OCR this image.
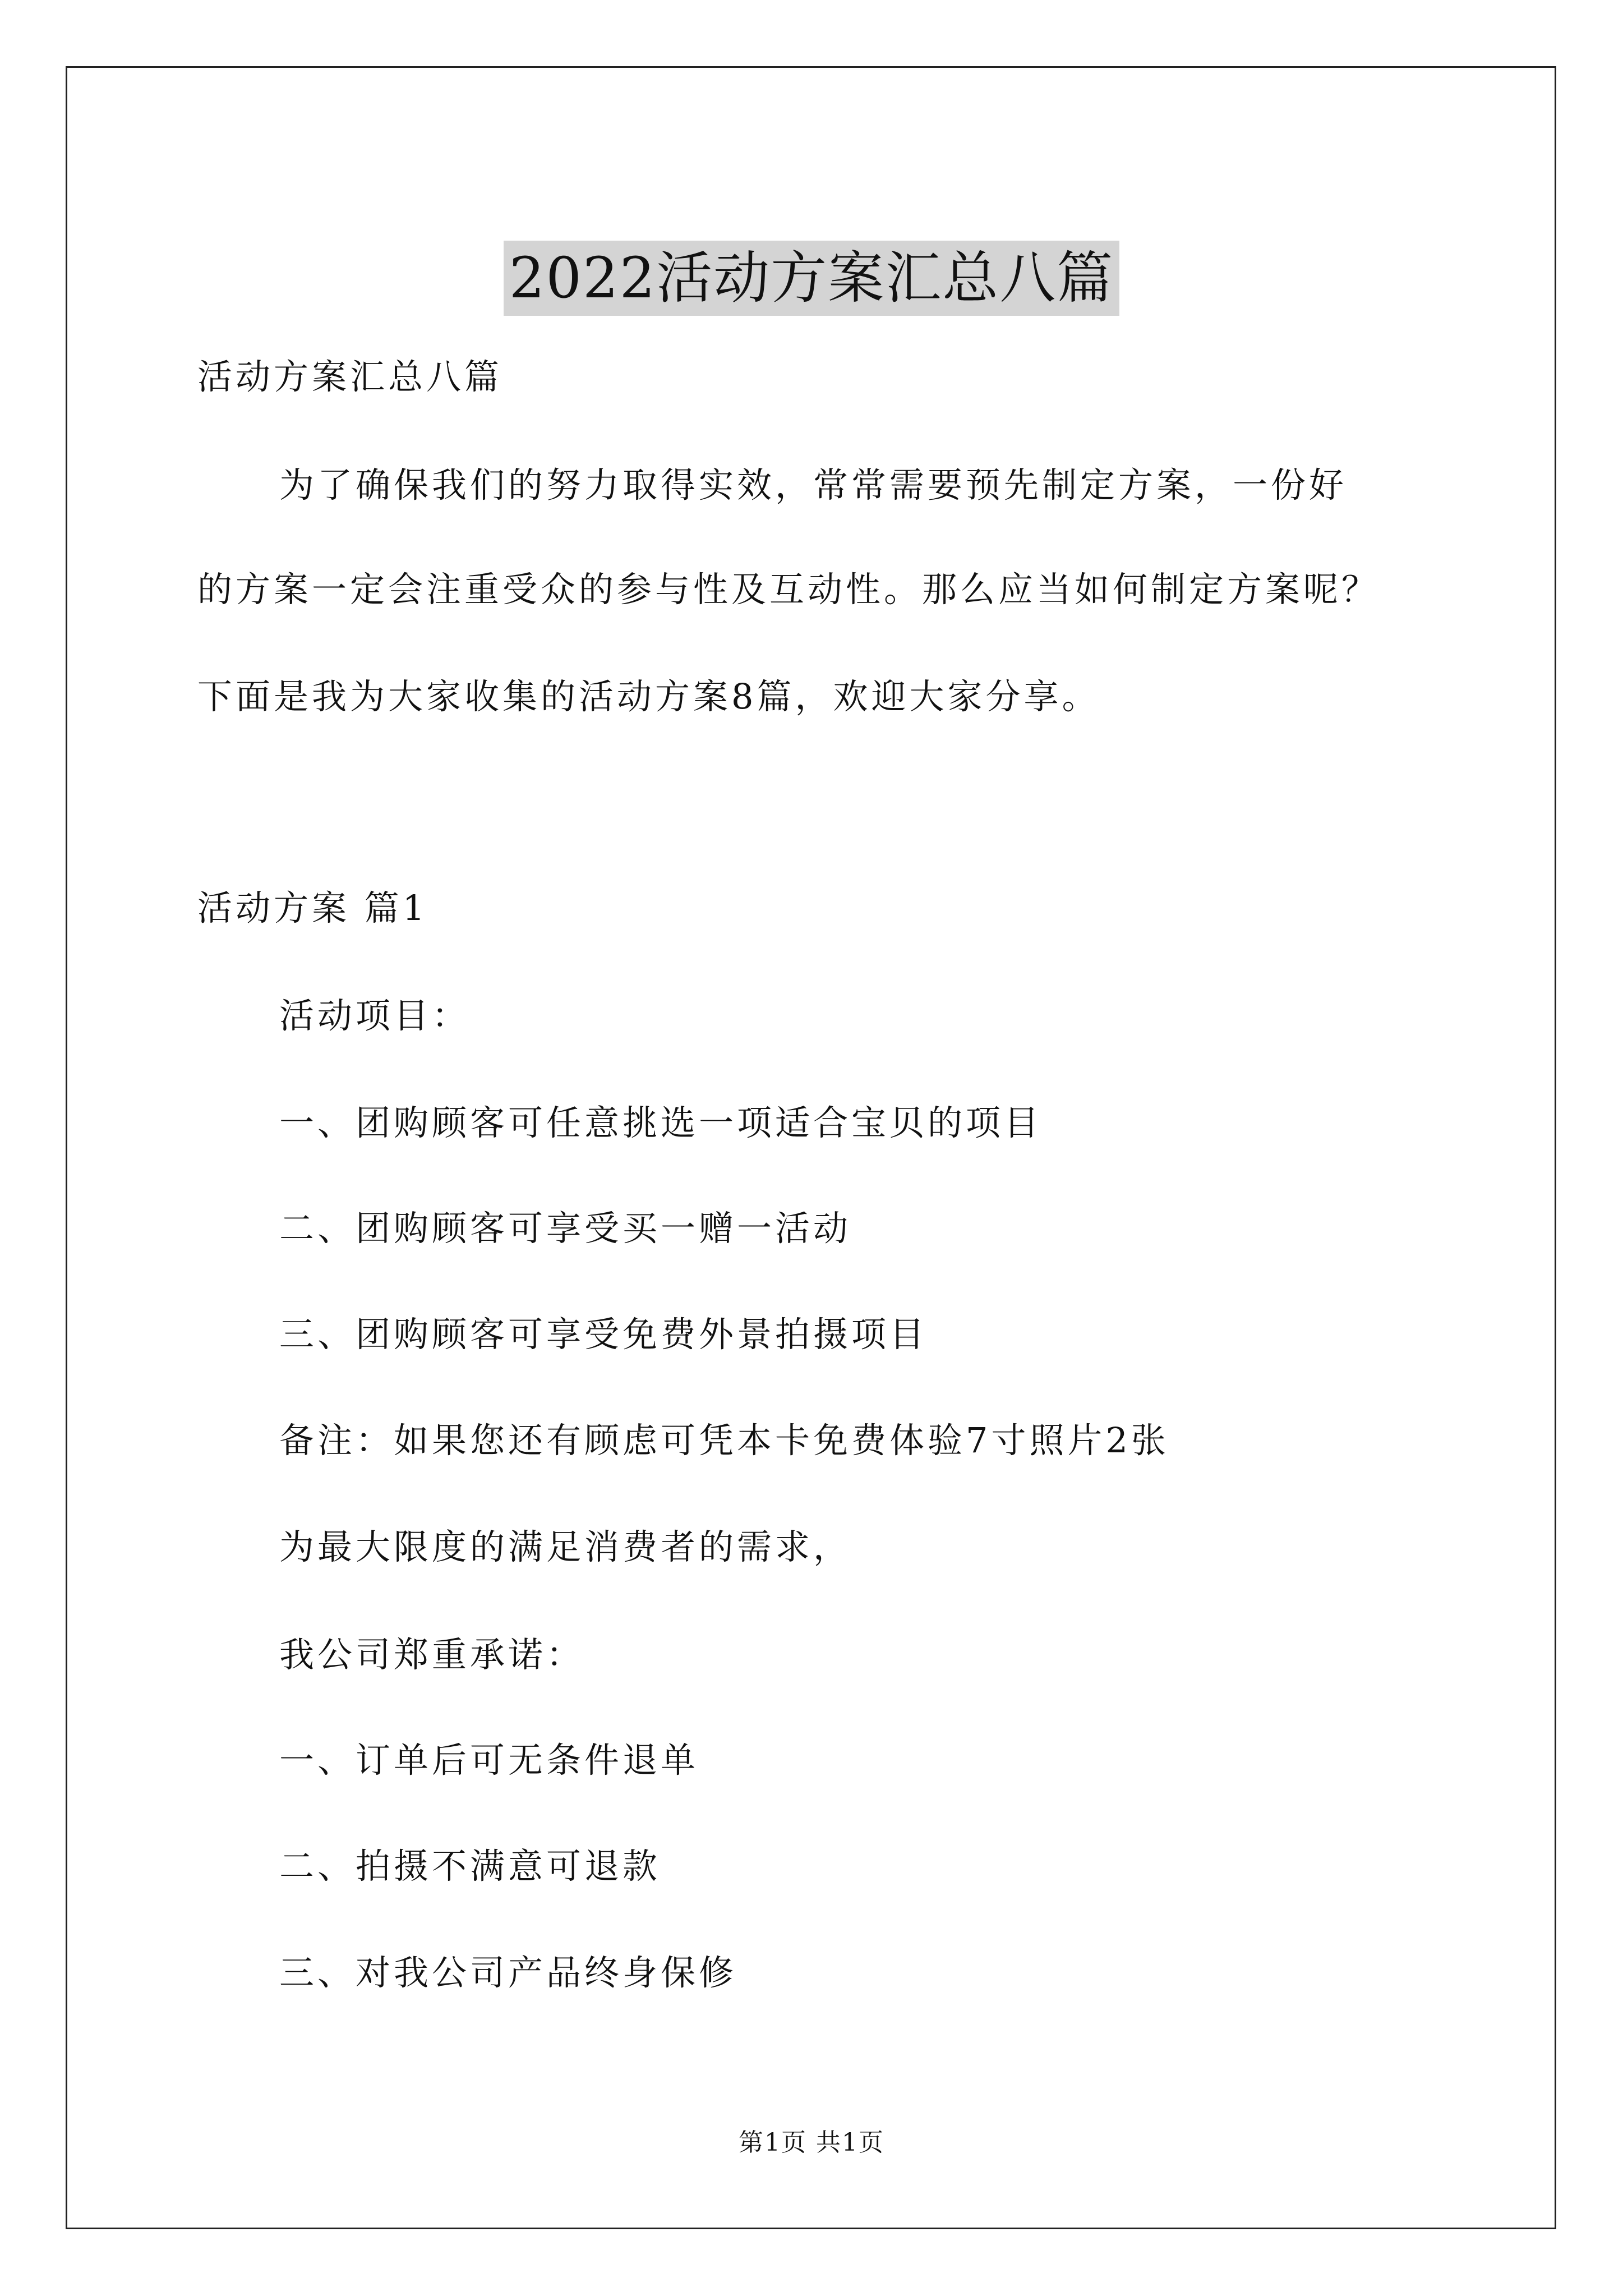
2022活动方案汇总八篇
活动方案汇总八篇
为了确保我们的努力取得实效，常常需要预先制定方案，一份好
的方案一定会注重受众的参与性及互动性。那么应当如何制定方案呢？
下面是我为大家收集的活动方案8篇，欢迎大家分享。
活动方案 篇1
活动项目：
一、团购顾客可任意挑选一项适合宝贝的项目
二、团购顾客可享受买一赠一活动
三、团购顾客可享受免费外景拍摄项目
备注：如果您还有顾虑可凭本卡免费体验7寸照片2张
为最大限度的满足消费者的需求，
我公司郑重承诺：
一、订单后可无条件退单
二、拍摄不满意可退款
三、对我公司产品终身保修
第1页 共1页
